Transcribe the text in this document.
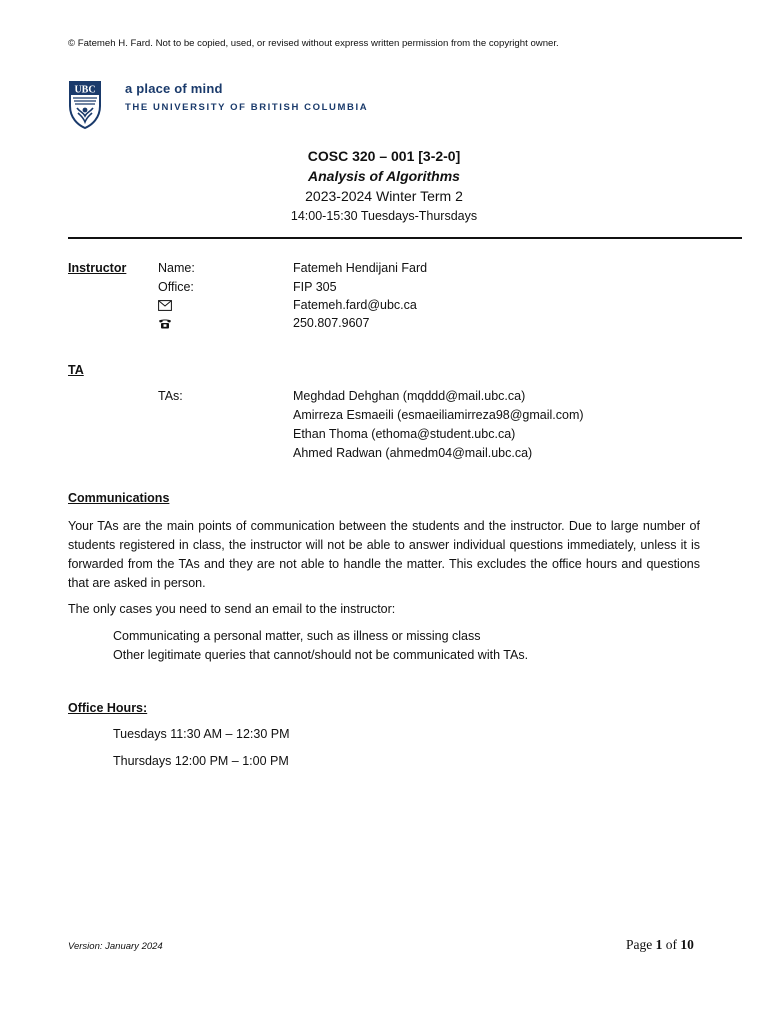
© Fatemeh H. Fard. Not to be copied, used, or revised without express written permission from the copyright owner.
UBC a place of mind
THE UNIVERSITY OF BRITISH COLUMBIA
COSC 320 – 001 [3-2-0]
Analysis of Algorithms
2023-2024 Winter Term 2
14:00-15:30 Tuesdays-Thursdays
Instructor	Name:	Fatemeh Hendijani Fard
Office:	FIP 305
Fatemeh.fard@ubc.ca
250.807.9607
TA
TAs:	Meghdad Dehghan (mqddd@mail.ubc.ca)
Amirreza Esmaeili (esmaeiliamirreza98@gmail.com)
Ethan Thoma (ethoma@student.ubc.ca)
Ahmed Radwan (ahmedm04@mail.ubc.ca)
Communications
Your TAs are the main points of communication between the students and the instructor. Due to large number of students registered in class, the instructor will not be able to answer individual questions immediately, unless it is forwarded from the TAs and they are not able to handle the matter. This excludes the office hours and questions that are asked in person.
The only cases you need to send an email to the instructor:
Communicating a personal matter, such as illness or missing class
Other legitimate queries that cannot/should not be communicated with TAs.
Office Hours:
Tuesdays 11:30 AM – 12:30 PM
Thursdays 12:00 PM – 1:00 PM
Version: January 2024	Page 1 of 10
